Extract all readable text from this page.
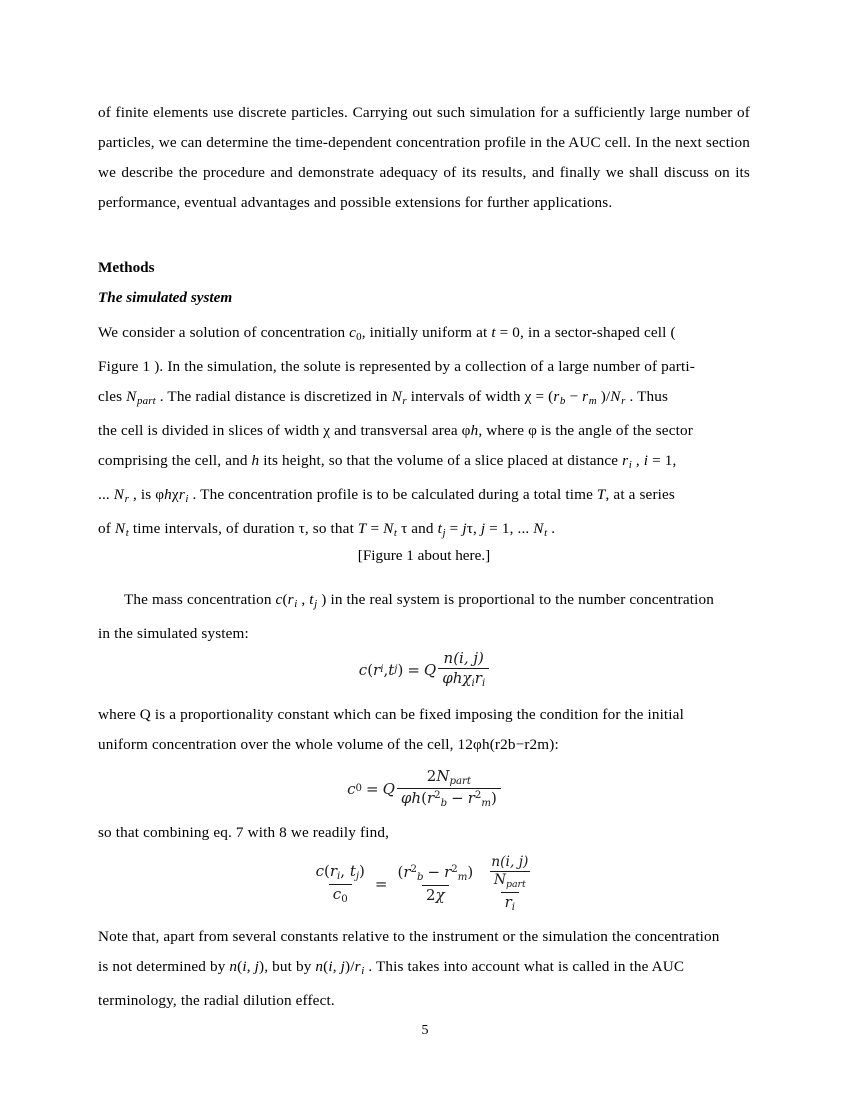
of finite elements use discrete particles. Carrying out such simulation for a sufficiently large number of particles, we can determine the time-dependent concentration profile in the AUC cell. In the next section we describe the procedure and demonstrate adequacy of its results, and finally we shall discuss on its performance, eventual advantages and possible extensions for further applications.

Methods

The simulated system

We consider a solution of concentration $c_0$, initially uniform at t = 0, in a sector-shaped cell (

Figure 1 ). In the simulation, the solute is represented by a collection of a large number of parti-

cles $N_{part}$ . The radial distance is discretized in $N_r$ intervals of width $\chi = (r_b - r_m$ )$/N_r$ . Thus

the cell is divided in slices of width χ and transversal area φh, where φ is the angle of the sector

comprising the cell, and h its height, so that the volume of a slice placed at distance $r_i$ , i = 1,

... $N_r$ , is φhχr$_i$ . The concentration profile is to be calculated during a total time T, at a series

of $N_t$ time intervals, of duration τ, so that $T = N_t$ τ and $t_j = j\tau$, j = 1, ... $N_t$ .

[Figure 1 about here.]

The mass concentration $c(r_i$ , $t_j$ ) in the real system is proportional to the number concentration

in the simulated system:

c ( r i , t j ) = Q $\frac{n(i, j)}{\varphi h\chi_ir_i}$

where Q is a proportionality constant which can be fixed imposing the condition for the initial

uniform concentration over the whole volume of the cell, 12φh(r2b−r2m):

c 0 = Q $\frac{2N_{part}}{\varphi h(r^2_b - r^2_m)}$

so that combining eq. 7 with 8 we readily find,

$\frac{c(r_i, t_j)}{c_0} = \frac{(r^2_b - r^2_m)}{2\chi} \frac{\frac{n(i, j)}{N_{part}}}{r_i}$

Note that, apart from several constants relative to the instrument or the simulation the concentration

is not determined by n(i, j), but by n(i, $j)/r_i$ . This takes into account what is called in the AUC

terminology, the radial dilution effect.

5
